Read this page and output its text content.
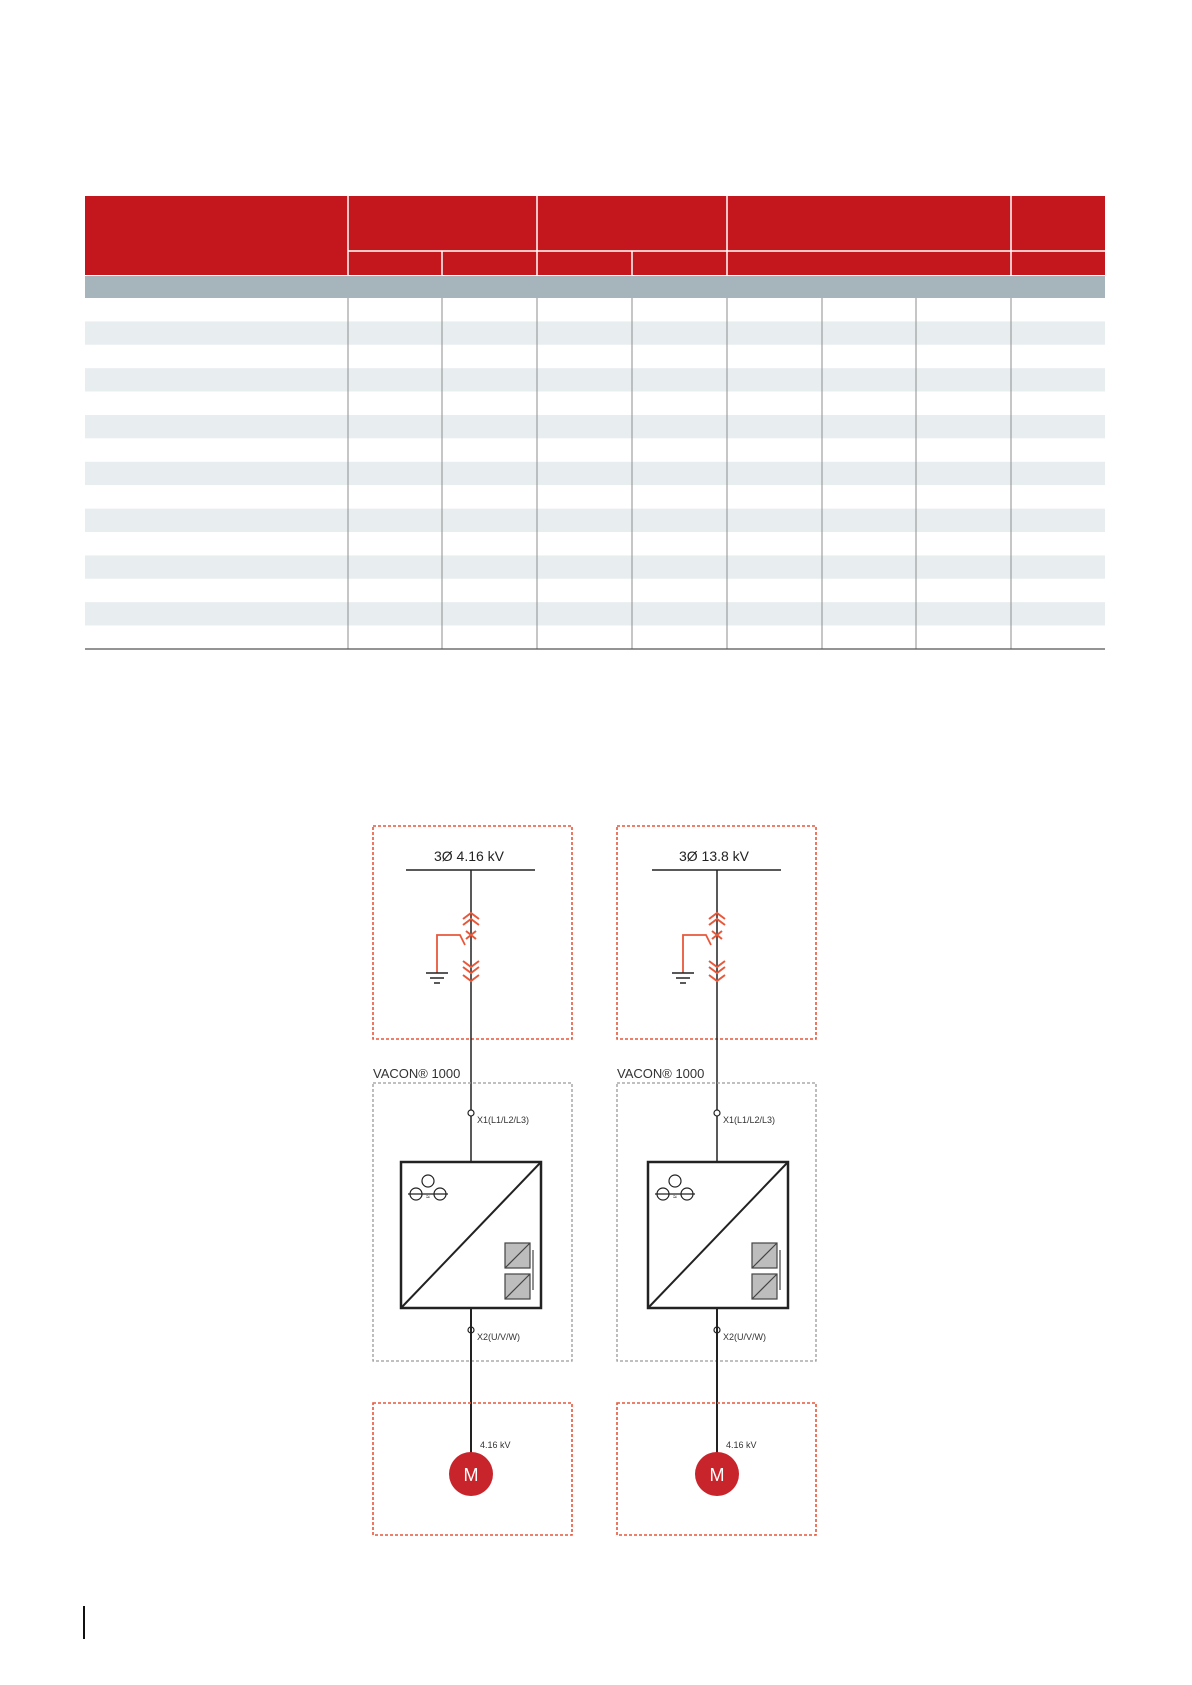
3Ø 4.16 kV
VACON® 1000
X1(L1/L2/L3)
≈
X2(U/V/W)
4.16 kV
M
3Ø 13.8 kV
VACON® 1000
X1(L1/L2/L3)
≈
X2(U/V/W)
4.16 kV
M
